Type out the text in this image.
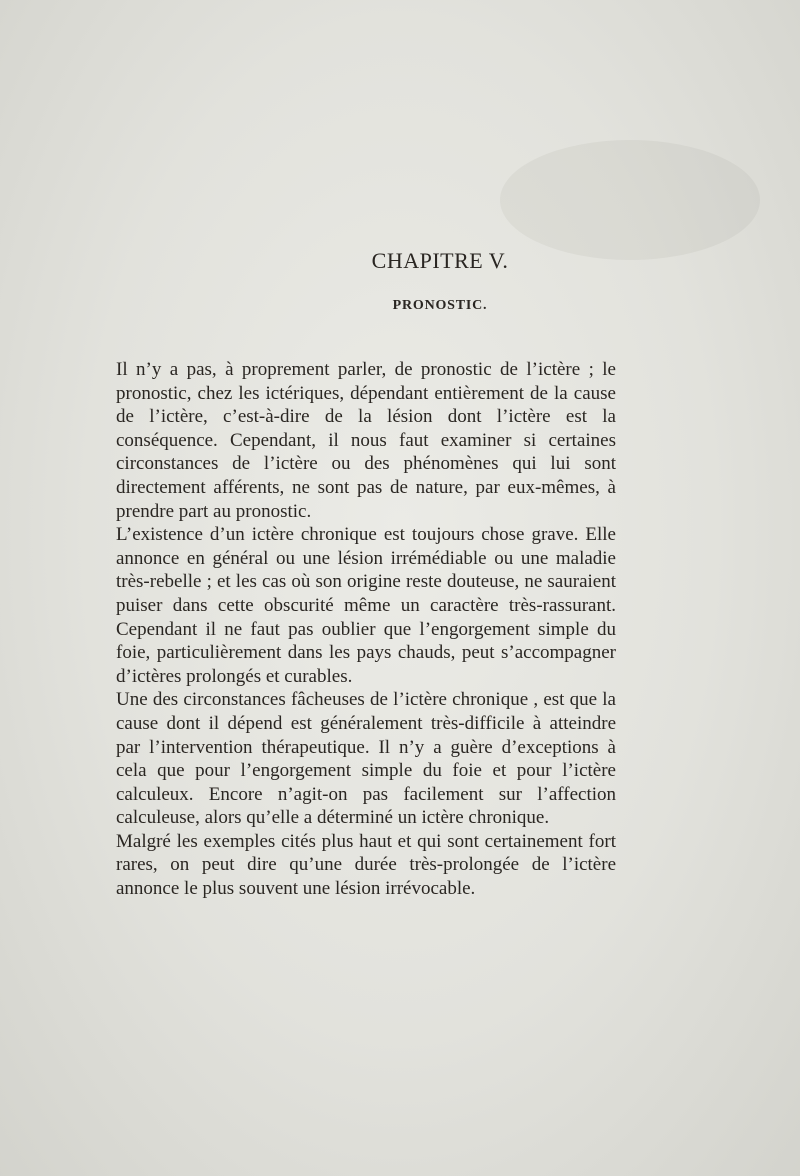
CHAPITRE V.
PRONOSTIC.

Il n’y a pas, à proprement parler, de pronostic de l’ictère ; le pronostic, chez les ictériques, dépendant entièrement de la cause de l’ictère, c’est-à-dire de la lésion dont l’ictère est la conséquence. Cependant, il nous faut examiner si certaines circonstances de l’ictère ou des phénomènes qui lui sont directement afférents, ne sont pas de nature, par eux-mêmes, à prendre part au pronostic.

L’existence d’un ictère chronique est toujours chose grave. Elle annonce en général ou une lésion irrémédiable ou une maladie très-rebelle ; et les cas où son origine reste douteuse, ne sauraient puiser dans cette obscurité même un caractère très-rassurant. Cependant il ne faut pas oublier que l’engorgement simple du foie, particulièrement dans les pays chauds, peut s’accompagner d’ictères prolongés et curables.

Une des circonstances fâcheuses de l’ictère chronique , est que la cause dont il dépend est généralement très-difficile à atteindre par l’intervention thérapeutique. Il n’y a guère d’exceptions à cela que pour l’engorgement simple du foie et pour l’ictère calculeux. Encore n’agit-on pas facilement sur l’affection calculeuse, alors qu’elle a déterminé un ictère chronique.

Malgré les exemples cités plus haut et qui sont certainement fort rares, on peut dire qu’une durée très-prolongée de l’ictère annonce le plus souvent une lésion irrévocable.
